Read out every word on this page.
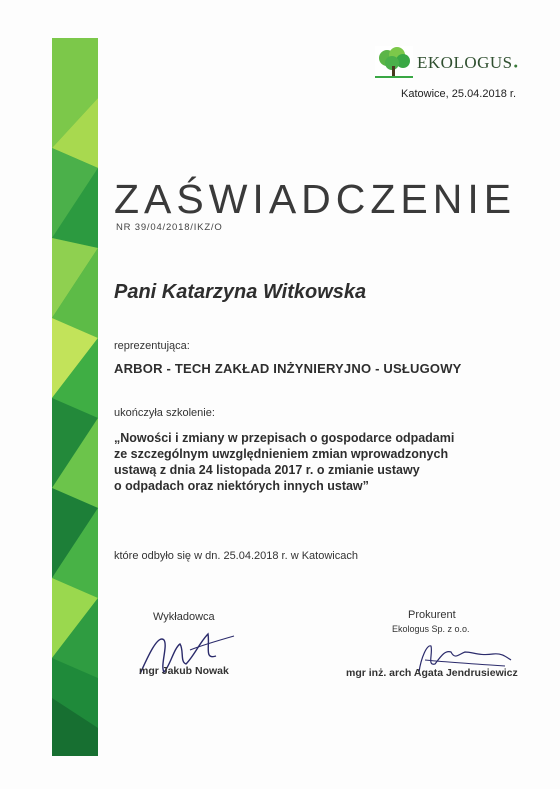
EKOLOGUS ●
Katowice, 25.04.2018 r.
ZAŚWIADCZENIE
NR 39/04/2018/IKZ/O
Pani Katarzyna Witkowska
reprezentująca:
ARBOR - TECH ZAKŁAD INŻYNIERYJNO - USŁUGOWY
ukończyła szkolenie:
„Nowości i zmiany w przepisach o gospodarce odpadami
ze szczególnym uwzględnieniem zmian wprowadzonych
ustawą z dnia 24 listopada 2017 r. o zmianie ustawy
o odpadach oraz niektórych innych ustaw”
które odbyło się w dn. 25.04.2018 r. w Katowicach
Wykładowca
mgr Jakub Nowak
Prokurent
Ekologus Sp. z o.o.
mgr inż. arch Agata Jendrusiewicz
